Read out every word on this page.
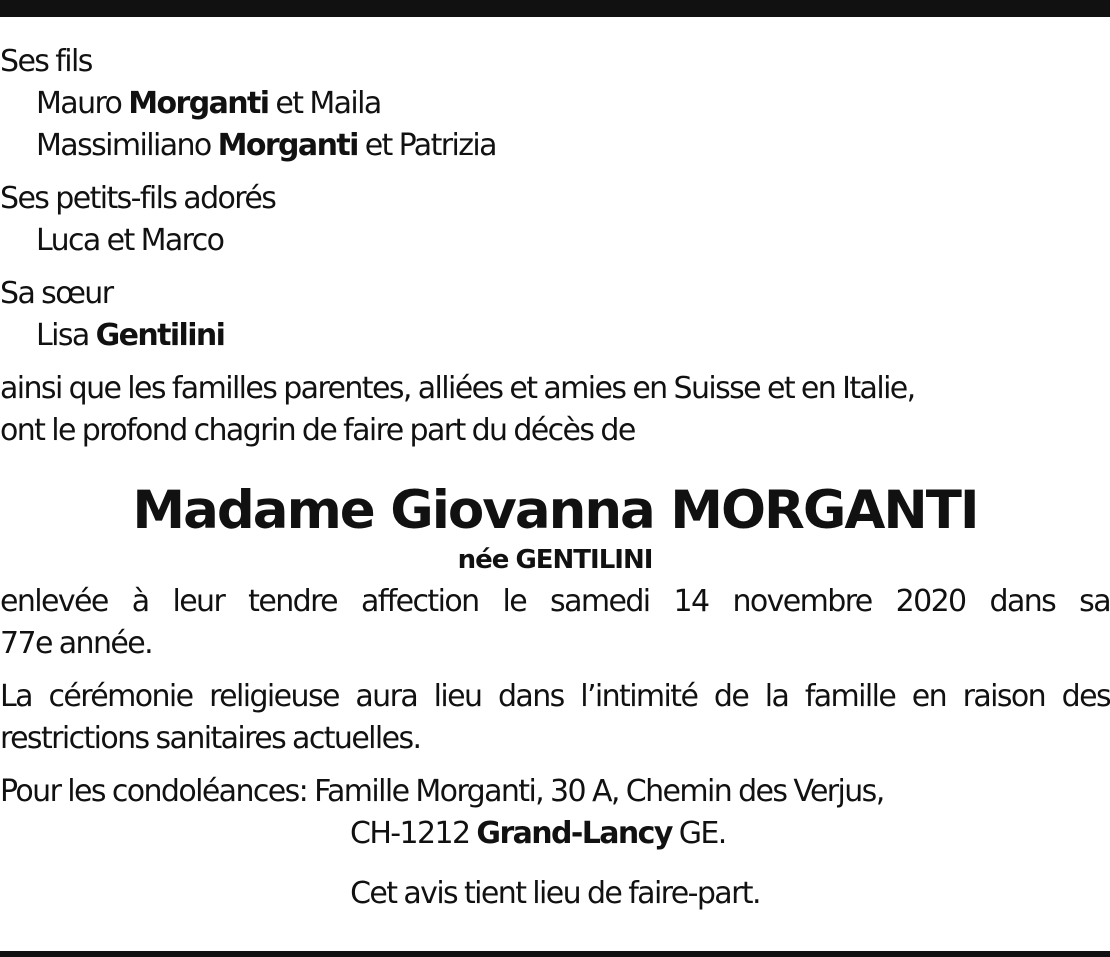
Ses fils
Mauro Morganti et Maila
Massimiliano Morganti et Patrizia
Ses petits-fils adorés
Luca et Marco
Sa sœur
Lisa Gentilini
ainsi que les familles parentes, alliées et amies en Suisse et en Italie,
ont le profond chagrin de faire part du décès de
Madame Giovanna MORGANTI
née GENTILINI
enlevée à leur tendre affection le samedi 14 novembre 2020 dans sa
77e année.
La cérémonie religieuse aura lieu dans l’intimité de la famille en raison des
restrictions sanitaires actuelles.
Pour les condoléances: Famille Morganti, 30 A, Chemin des Verjus,
CH-1212 Grand-Lancy GE.
Cet avis tient lieu de faire-part.
